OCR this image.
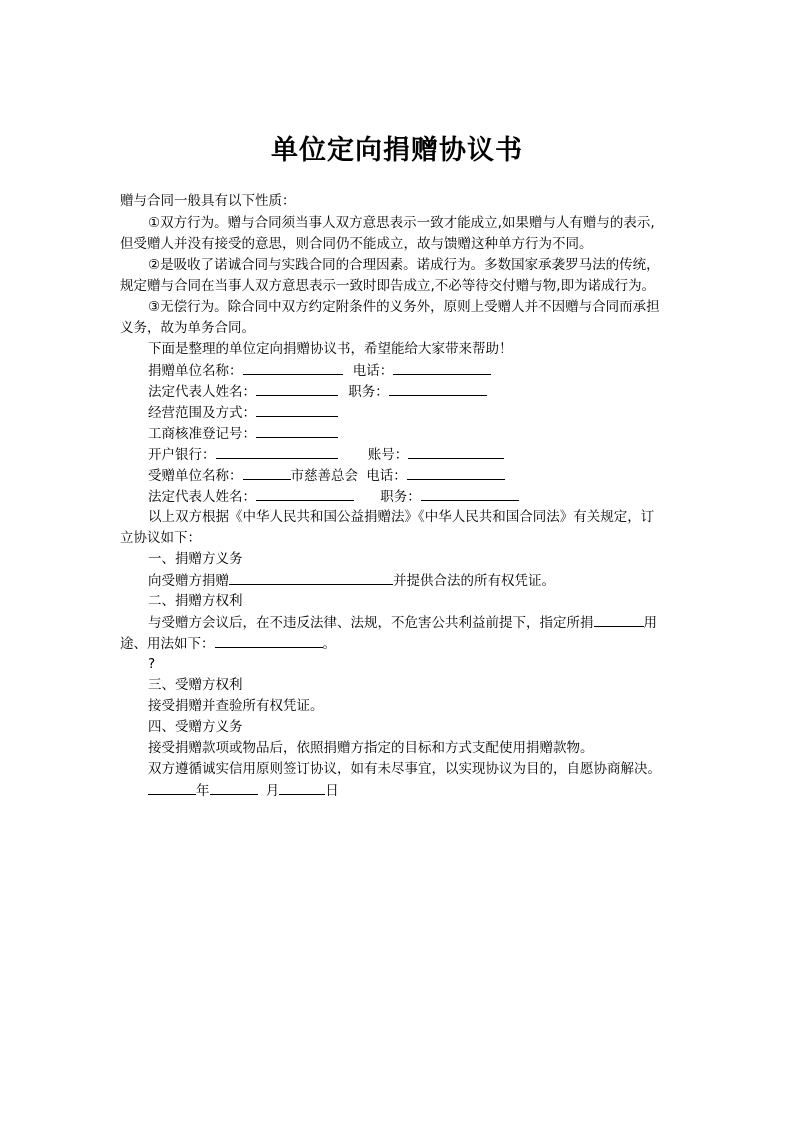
单位定向捐赠协议书
赠与合同一般具有以下性质：
①双方行为。赠与合同须当事人双方意思表示一致才能成立,如果赠与人有赠与的表示,
但受赠人并没有接受的意思，则合同仍不能成立，故与馈赠这种单方行为不同。
②是吸收了诺诚合同与实践合同的合理因素。诺成行为。多数国家承袭罗马法的传统，
规定赠与合同在当事人双方意思表示一致时即告成立,不必等待交付赠与物,即为诺成行为。
③无偿行为。除合同中双方约定附条件的义务外，原则上受赠人并不因赠与合同而承担
义务，故为单务合同。
下面是整理的单位定向捐赠协议书，希望能给大家带来帮助！
捐赠单位名称：	电话：
法定代表人姓名：	职务：
经营范围及方式：
工商核准登记号：
开户银行：	账号：
受赠单位名称：	市慈善总会 电话：
法定代表人姓名：	职务：
以上双方根据《中华人民共和国公益捐赠法》《中华人民共和国合同法》有关规定，订
立协议如下：
一、捐赠方义务
向受赠方捐赠	并提供合法的所有权凭证。
二、捐赠方权利
与受赠方会议后，在不违反法律、法规，不危害公共利益前提下，指定所捐	用
途、用法如下：	。
?
三、受赠方权利
接受捐赠并查验所有权凭证。
四、受赠方义务
接受捐赠款项或物品后，依照捐赠方指定的目标和方式支配使用捐赠款物。
双方遵循诚实信用原则签订协议，如有未尽事宜，以实现协议为目的，自愿协商解决。
年	月	日
